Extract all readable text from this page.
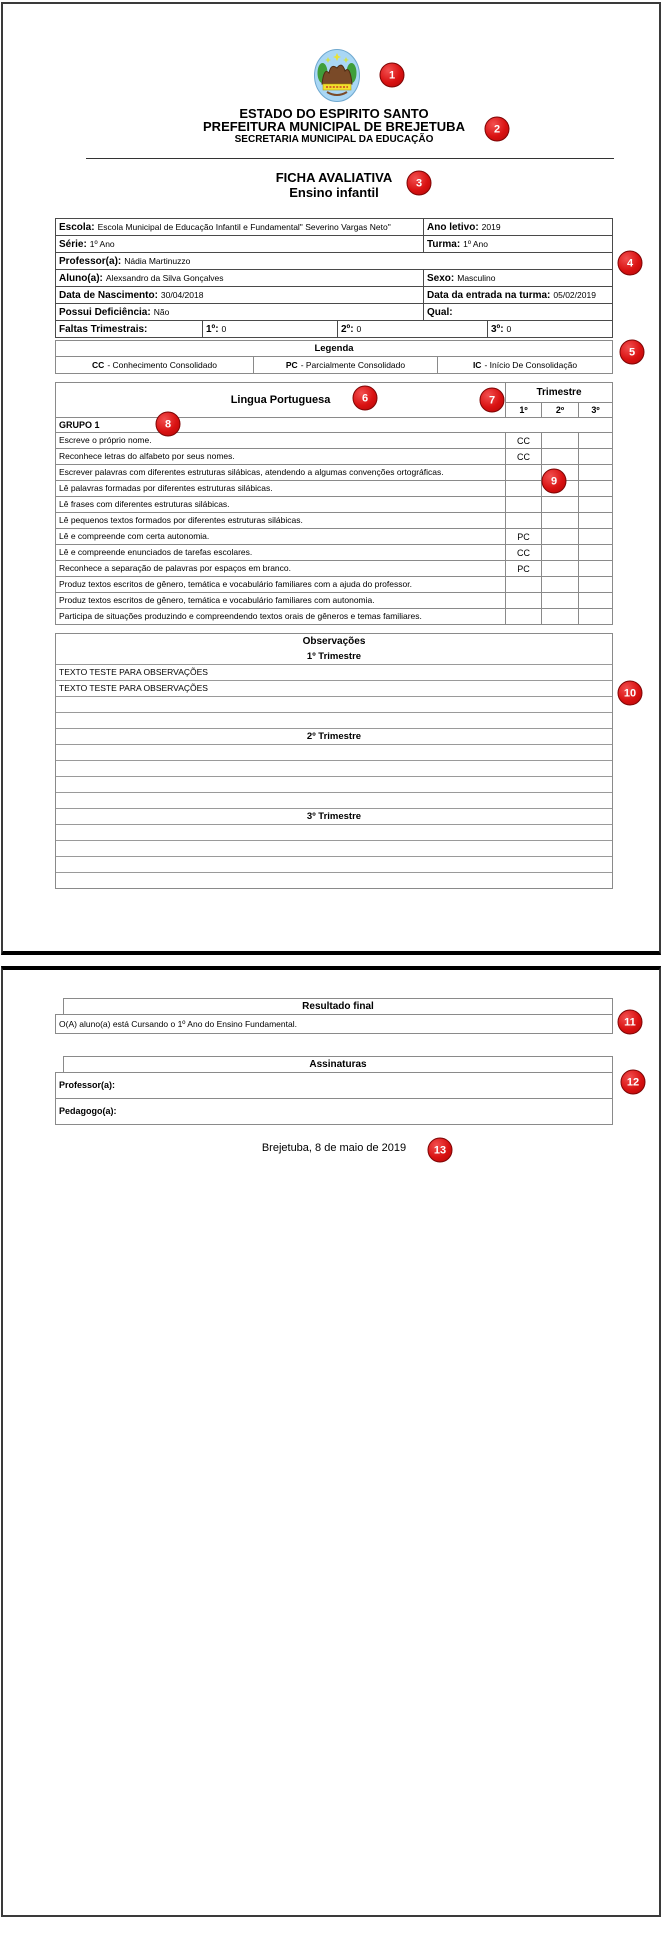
ESTADO DO ESPIRITO SANTO
PREFEITURA MUNICIPAL DE BREJETUBA
SECRETARIA MUNICIPAL DA EDUCAÇÃO
FICHA AVALIATIVA
Ensino infantil
Escola: Escola Municipal de Educação Infantil e Fundamental" Severino Vargas Neto"	Ano letivo: 2019
Série: 1º Ano	Turma: 1º Ano
Professor(a): Nádia Martinuzzo
Aluno(a): Alexsandro da Silva Gonçalves	Sexo: Masculino
Data de Nascimento: 30/04/2018	Data da entrada na turma: 05/02/2019
Possui Deficiência: Não	Qual:
Faltas Trimestrais:	1º: 0	2º: 0	3º: 0
Legenda
CC - Conhecimento Consolidado	PC - Parcialmente Consolidado	IC - Início De Consolidação
Lingua Portuguesa
Trimestre
1º	2º	3º
GRUPO 1
Escreve o próprio nome.	CC
Reconhece letras do alfabeto por seus nomes.	CC
Escrever palavras com diferentes estruturas silábicas, atendendo a algumas convenções ortográficas.
Lê palavras formadas por diferentes estruturas silábicas.
Lê frases com diferentes estruturas silábicas.
Lê pequenos textos formados por diferentes estruturas silábicas.
Lê e compreende com certa autonomia.	PC
Lê e compreende enunciados de tarefas escolares.	CC
Reconhece a separação de palavras por espaços em branco.	PC
Produz textos escritos de gênero, temática e vocabulário familiares com a ajuda do professor.
Produz textos escritos de gênero, temática e vocabulário familiares com autonomia.
Participa de situações produzindo e compreendendo textos orais de gêneros e temas familiares.
Observações
1º Trimestre
TEXTO TESTE PARA OBSERVAÇÕES
TEXTO TESTE PARA OBSERVAÇÕES
2º Trimestre
3º Trimestre
Resultado final
O(A) aluno(a) está Cursando o 1º Ano do Ensino Fundamental.
Assinaturas
Professor(a):
Pedagogo(a):
Brejetuba, 8 de maio de 2019
1
2
3
4
5
6	7
8
9
10
11
12
13
